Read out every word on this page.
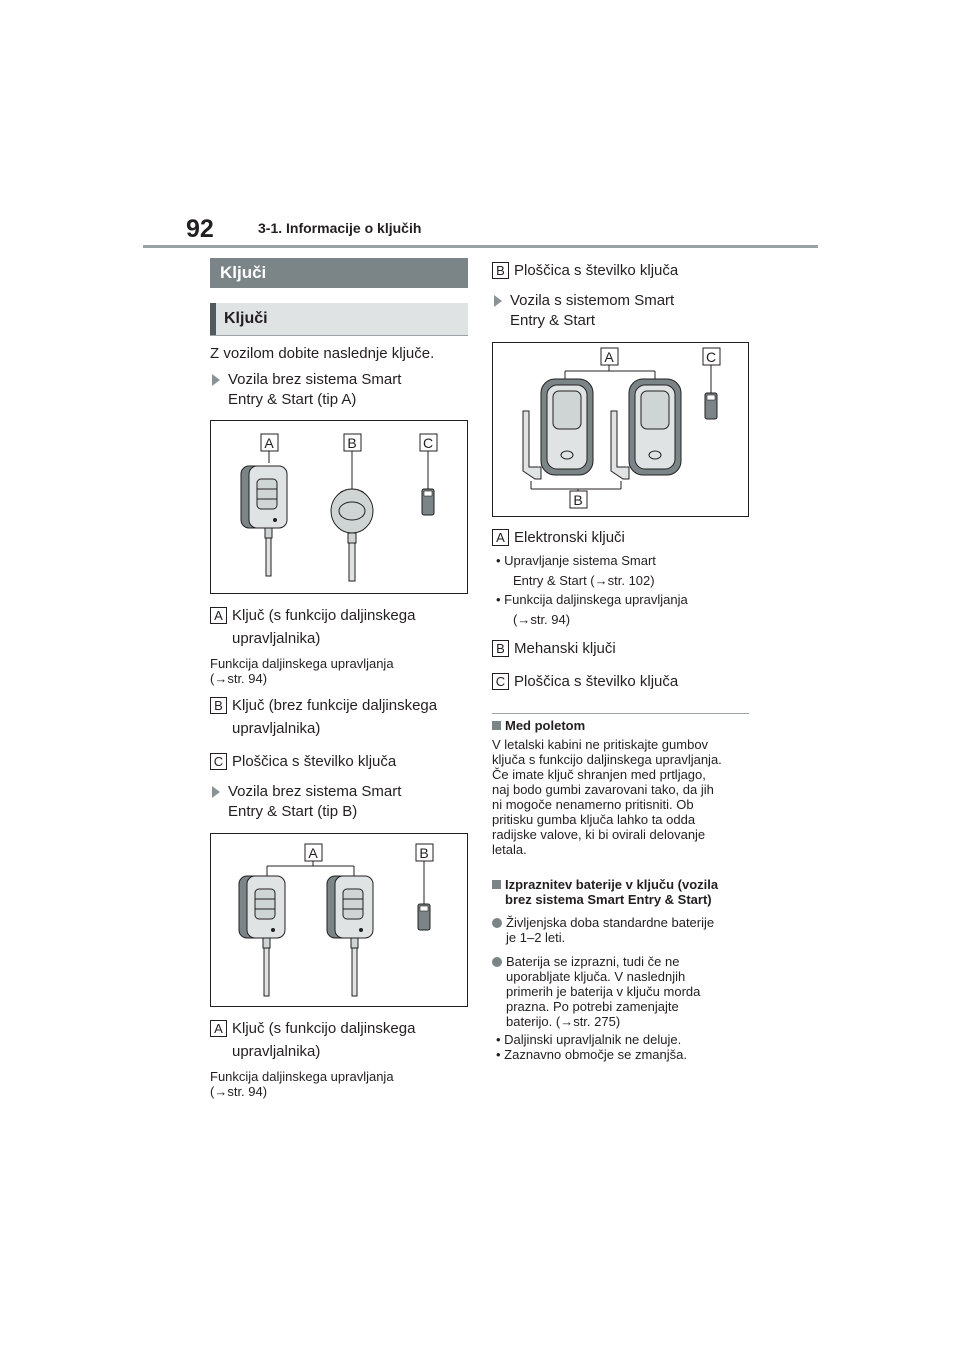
92	3-1. Informacije o ključih
Ključi
Ključi
Z vozilom dobite naslednje ključe.
Vozila brez sistema Smart
Entry & Start (tip A)
A	B	C
A Ključ (s funkcijo daljinskega
upravljalnika)
Funkcija daljinskega upravljanja
(→str. 94)
B Ključ (brez funkcije daljinskega
upravljalnika)
C Ploščica s številko ključa
Vozila brez sistema Smart
Entry & Start (tip B)
A	B
A Ključ (s funkcijo daljinskega
upravljalnika)
Funkcija daljinskega upravljanja
(→str. 94)
B Ploščica s številko ključa
Vozila s sistemom Smart
Entry & Start
A	C
B
A Elektronski ključi
• Upravljanje sistema Smart
Entry & Start (→str. 102)
• Funkcija daljinskega upravljanja
(→str. 94)
B Mehanski ključi
C Ploščica s številko ključa
Med poletom
V letalski kabini ne pritiskajte gumbov
ključa s funkcijo daljinskega upravljanja.
Če imate ključ shranjen med prtljago,
naj bodo gumbi zavarovani tako, da jih
ni mogoče nenamerno pritisniti. Ob
pritisku gumba ključa lahko ta odda
radijske valove, ki bi ovirali delovanje
letala.
Izpraznitev baterije v ključu (vozila
brez sistema Smart Entry & Start)
Življenjska doba standardne baterije
je 1–2 leti.
Baterija se izprazni, tudi če ne
uporabljate ključa. V naslednjih
primerih je baterija v ključu morda
prazna. Po potrebi zamenjajte
baterijo. (→str. 275)
• Daljinski upravljalnik ne deluje.
• Zaznavno območje se zmanjša.
